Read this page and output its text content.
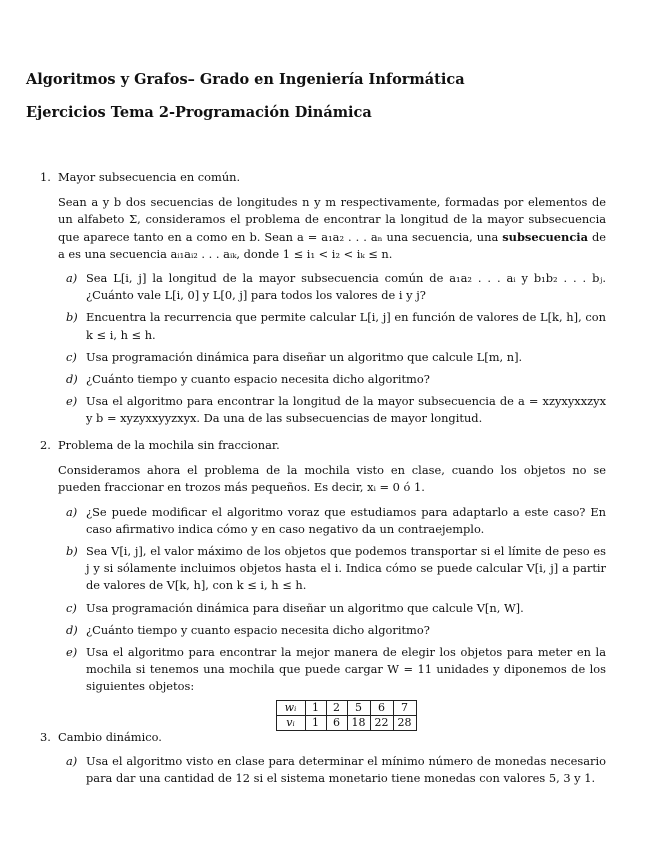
Algoritmos y Grafos– Grado en Ingeniería Informática
Ejercicios Tema 2-Programación Dinámica
1. Mayor subsecuencia en común.
Sean a y b dos secuencias de longitudes n y m respectivamente, formadas por elementos de un alfabeto Σ, consideramos el problema de encontrar la longitud de la mayor subsecuencia que aparece tanto en a como en b. Sean a = a₁a₂ . . . aₙ una secuencia, una subsecuencia de a es una secuencia aᵢ₁aᵢ₂ . . . aᵢₖ, donde 1 ≤ i₁ < i₂ < iₖ ≤ n.
a) Sea L[i, j] la longitud de la mayor subsecuencia común de a₁a₂ . . . aᵢ y b₁b₂ . . . bⱼ. ¿Cuánto vale L[i, 0] y L[0, j] para todos los valores de i y j?
b) Encuentra la recurrencia que permite calcular L[i, j] en función de valores de L[k, h], con k ≤ i, h ≤ h.
c) Usa programación dinámica para diseñar un algoritmo que calcule L[m, n].
d) ¿Cuánto tiempo y cuanto espacio necesita dicho algoritmo?
e) Usa el algoritmo para encontrar la longitud de la mayor subsecuencia de a = xzyxyxxzyx y b = xyzyxxyyzxyx. Da una de las subsecuencias de mayor longitud.
2. Problema de la mochila sin fraccionar.
Consideramos ahora el problema de la mochila visto en clase, cuando los objetos no se pueden fraccionar en trozos más pequeños. Es decir, xᵢ = 0 ó 1.
a) ¿Se puede modificar el algoritmo voraz que estudiamos para adaptarlo a este caso? En caso afirmativo indica cómo y en caso negativo da un contraejemplo.
b) Sea V[i, j], el valor máximo de los objetos que podemos transportar si el límite de peso es j y si sólamente incluimos objetos hasta el i. Indica cómo se puede calcular V[i, j] a partir de valores de V[k, h], con k ≤ i, h ≤ h.
c) Usa programación dinámica para diseñar un algoritmo que calcule V[n, W].
d) ¿Cuánto tiempo y cuanto espacio necesita dicho algoritmo?
e) Usa el algoritmo para encontrar la mejor manera de elegir los objetos para meter en la mochila si tenemos una mochila que puede cargar W = 11 unidades y diponemos de los siguientes objetos:
wᵢ	1	2	5	6	7
vᵢ	1	6	18	22	28
3. Cambio dinámico.
a) Usa el algoritmo visto en clase para determinar el mínimo número de monedas necesario para dar una cantidad de 12 si el sistema monetario tiene monedas con valores 5, 3 y 1.
